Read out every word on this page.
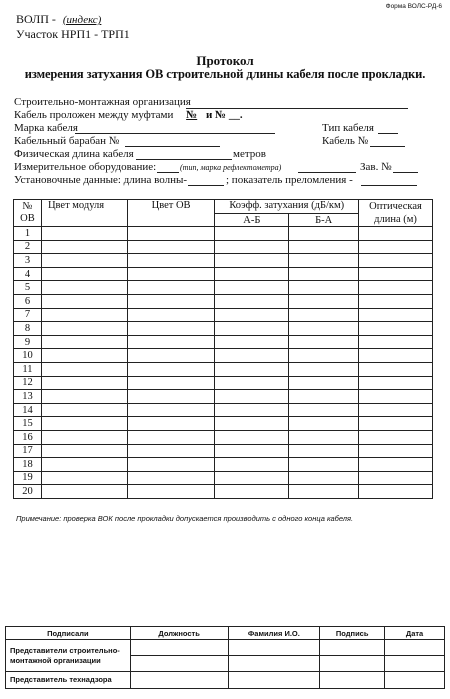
Форма ВОЛС-РД-6
ВОЛП - (индекс)
Участок НРП1 - ТРП1
Протокол
измерения затухания ОВ строительной длины кабеля после прокладки.
Строительно-монтажная организация
Кабель проложен между муфтами № и № __.
Марка кабеля	Тип кабеля
Кабельный барабан №	Кабель №
Физическая длина кабеля	метров
Измерительное оборудование:	(тип, марка рефлектометра)	Зав. №
Установочные данные: длина волны-	; показатель преломления -
№
ОВ	Цвет модуля	Цвет ОВ	Коэфф. затухания (дБ/км)		Оптическая длина (м)
			А-Б	Б-А	
1					
2					
3					
4					
5					
6					
7					
8					
9					
10					
11					
12					
13					
14					
15					
16					
17					
18					
19					
20					
Примечание: проверка ВОК после прокладки допускается производить с одного конца кабеля.
Подписали	Должность	Фамилия И.О.	Подпись	Дата
Представители строительно-монтажной организации				

Представитель технадзора				
